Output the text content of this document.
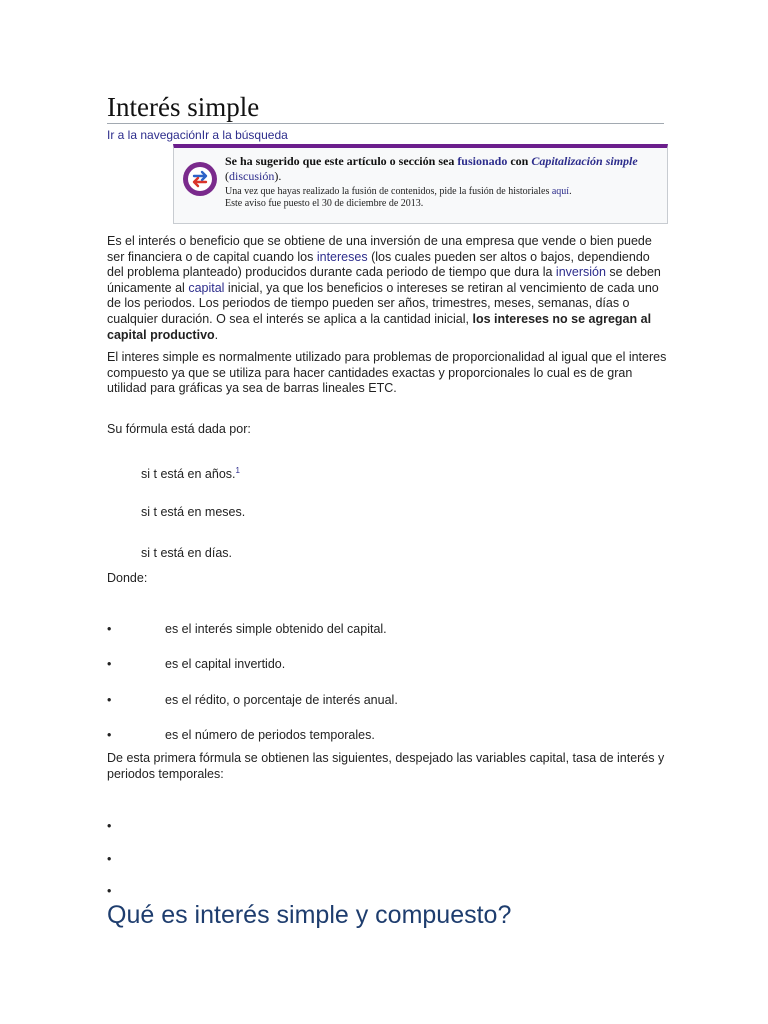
Interés simple
Ir a la navegaciónIr a la búsqueda
Se ha sugerido que este artículo o sección sea fusionado con Capitalización simple (discusión).
Una vez que hayas realizado la fusión de contenidos, pide la fusión de historiales aquí.
Este aviso fue puesto el 30 de diciembre de 2013.

Es el interés o beneficio que se obtiene de una inversión de una empresa que vende o bien puede ser financiera o de capital cuando los intereses (los cuales pueden ser altos o bajos, dependiendo del problema planteado) producidos durante cada periodo de tiempo que dura la inversión se deben únicamente al capital inicial, ya que los beneficios o intereses se retiran al vencimiento de cada uno de los periodos. Los periodos de tiempo pueden ser años, trimestres, meses, semanas, días o cualquier duración. O sea el interés se aplica a la cantidad inicial, los intereses no se agregan al capital productivo.

El interes simple es normalmente utilizado para problemas de proporcionalidad al igual que el interes compuesto ya que se utiliza para hacer cantidades exactas y proporcionales lo cual es de gran utilidad para gráficas ya sea de barras lineales ETC.

Su fórmula está dada por:
si t está en años.$^1$
si t está en meses.
si t está en días.
Donde:
•	es el interés simple obtenido del capital.
•	es el capital invertido.
•	es el rédito, o porcentaje de interés anual.
•	es el número de periodos temporales.

De esta primera fórmula se obtienen las siguientes, despejado las variables capital, tasa de interés y periodos temporales:

•
•
•
Qué es interés simple y compuesto?
